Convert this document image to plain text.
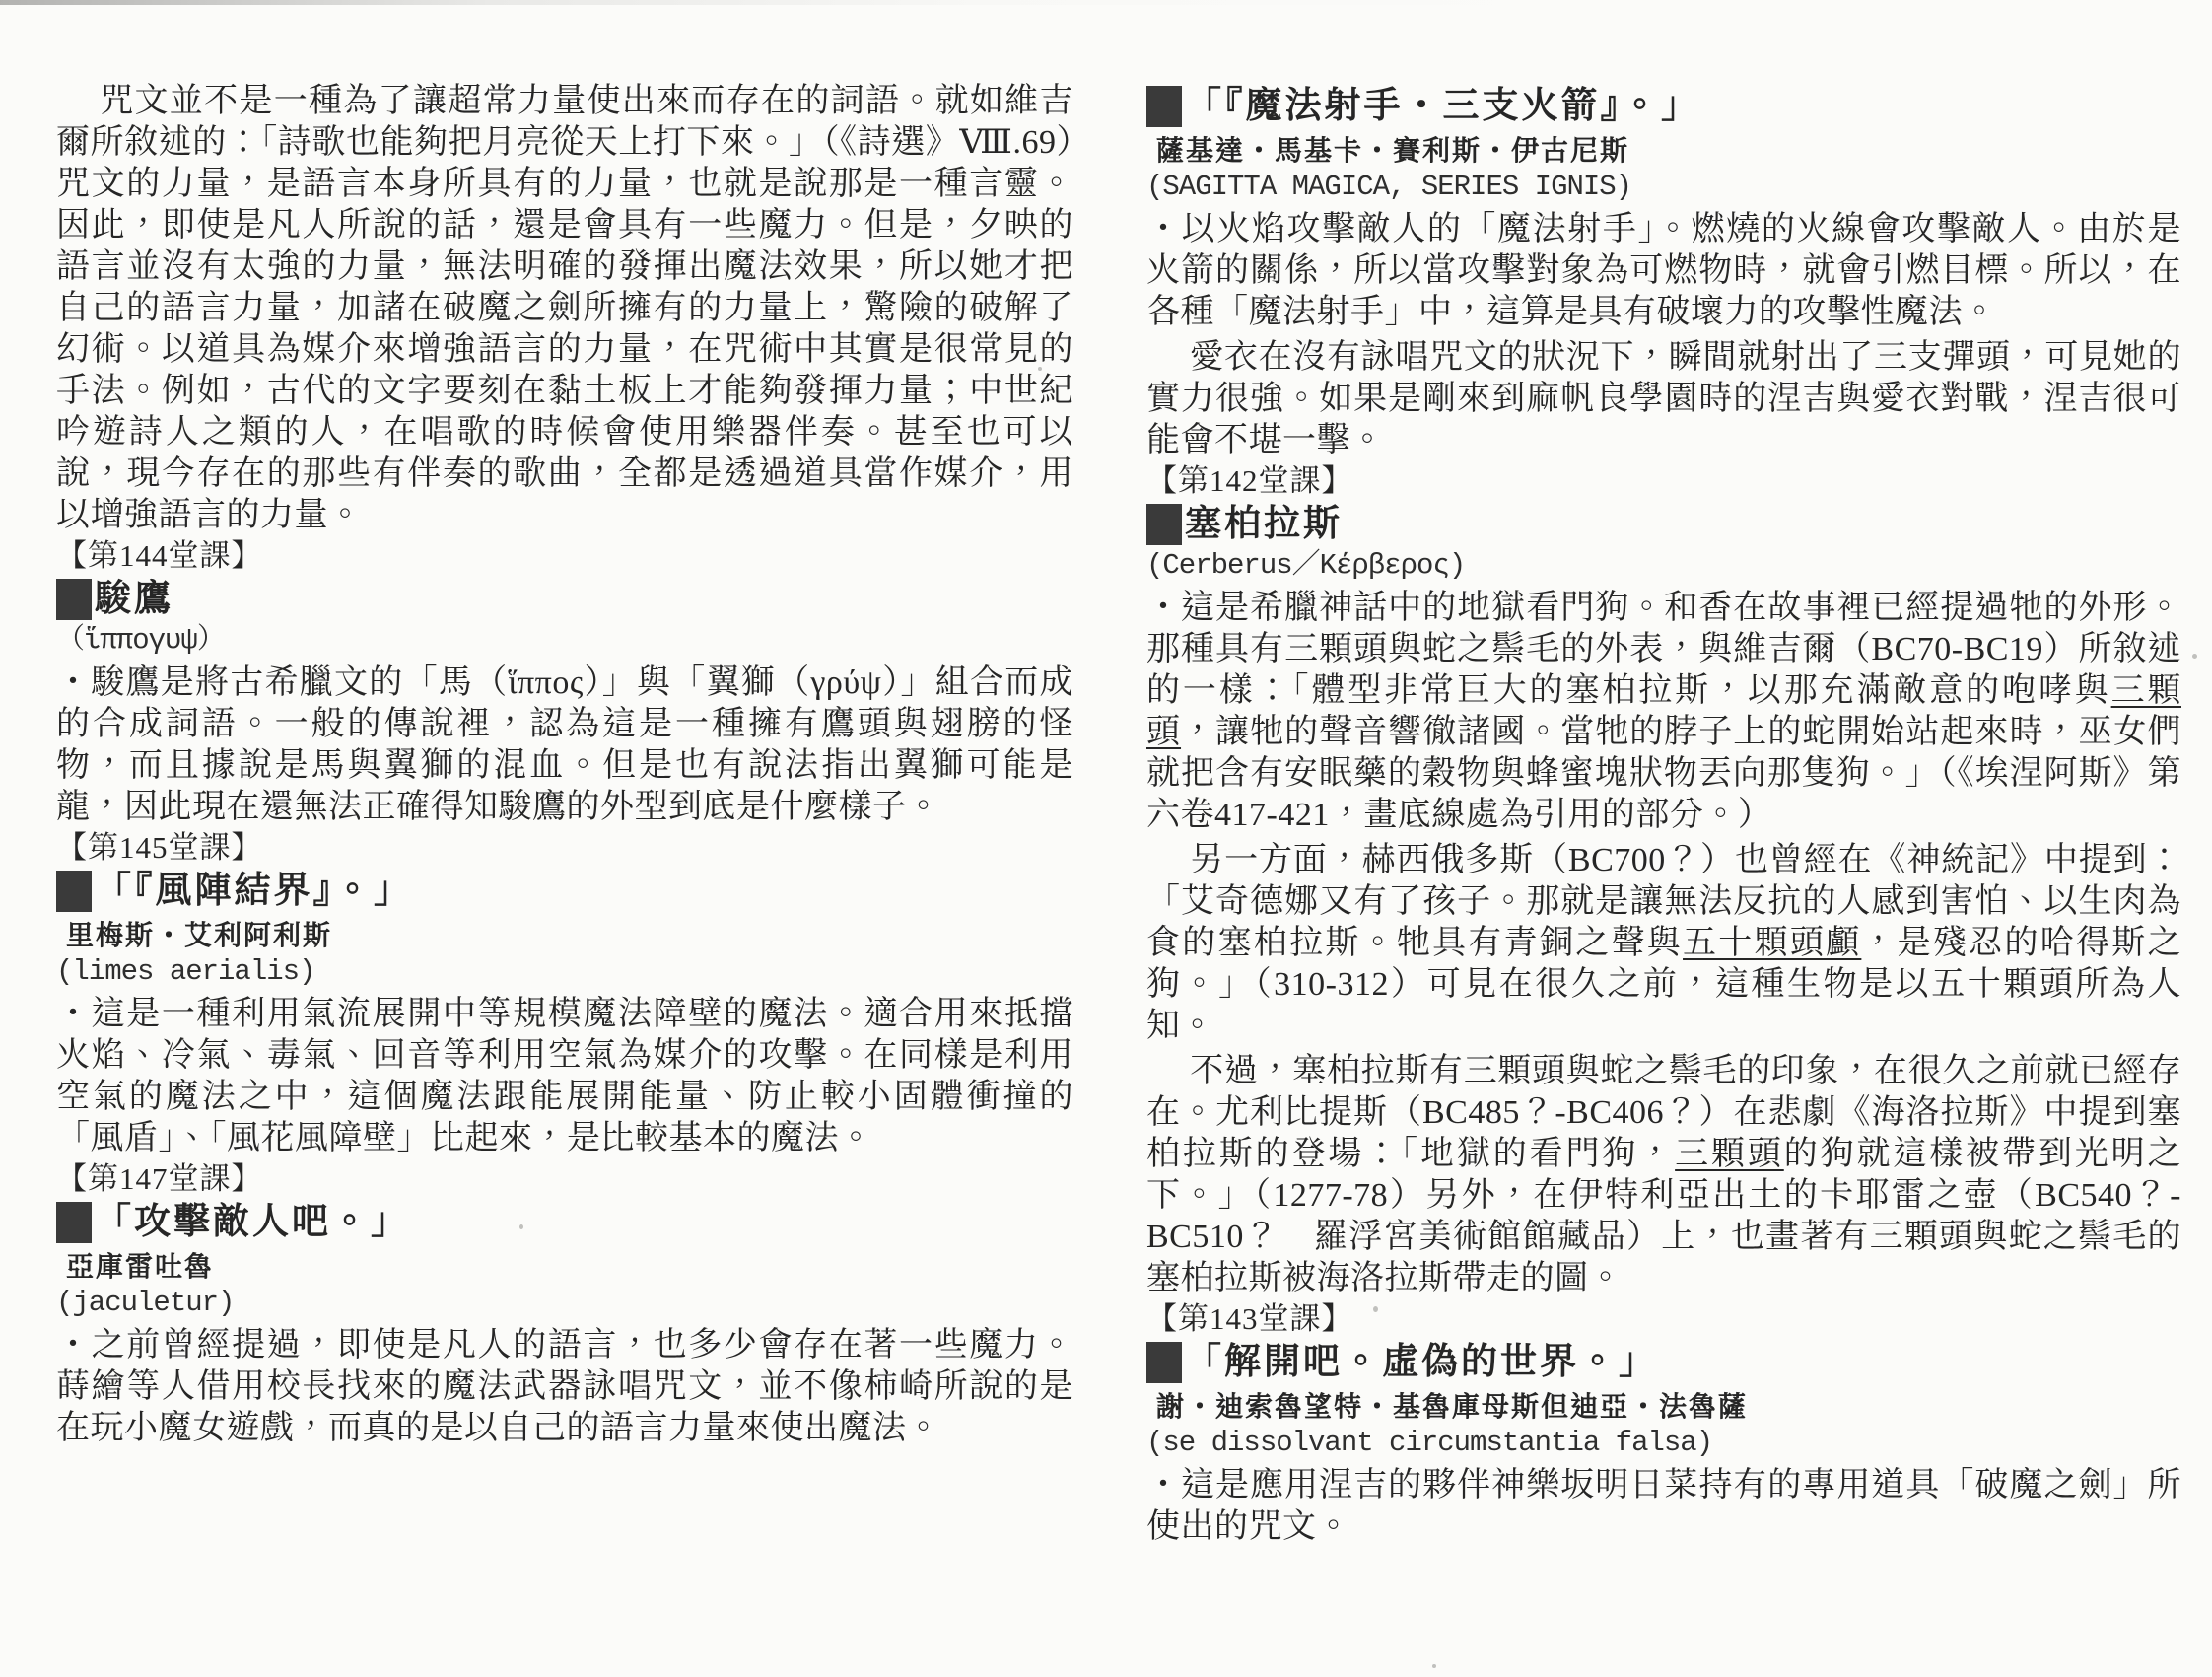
咒文並不是一種為了讓超常力量使出來而存在的詞語。就如維吉爾所敘述的：「詩歌也能夠把月亮從天上打下來。」（《詩選》Ⅷ.69）咒文的力量，是語言本身所具有的力量，也就是說那是一種言靈。因此，即使是凡人所說的話，還是會具有一些魔力。但是，夕映的語言並沒有太強的力量，無法明確的發揮出魔法效果，所以她才把自己的語言力量，加諸在破魔之劍所擁有的力量上，驚險的破解了幻術。以道具為媒介來增強語言的力量，在咒術中其實是很常見的手法。例如，古代的文字要刻在黏土板上才能夠發揮力量；中世紀吟遊詩人之類的人，在唱歌的時候會使用樂器伴奏。甚至也可以說，現今存在的那些有伴奏的歌曲，全都是透過道具當作媒介，用以增強語言的力量。

【第144堂課】
駿鷹
（ἵππογυψ）

・駿鷹是將古希臘文的「馬（ἵππος）」與「翼獅（γρύψ）」組合而成的合成詞語。一般的傳說裡，認為這是一種擁有鷹頭與翅膀的怪物，而且據說是馬與翼獅的混血。但是也有說法指出翼獅可能是龍，因此現在還無法正確得知駿鷹的外型到底是什麼樣子。

【第145堂課】
「『風陣結界』。」
里梅斯・艾利阿利斯
(limes aerialis)

・這是一種利用氣流展開中等規模魔法障壁的魔法。適合用來抵擋火焰、冷氣、毒氣、回音等利用空氣為媒介的攻擊。在同樣是利用空氣的魔法之中，這個魔法跟能展開能量、防止較小固體衝撞的「風盾」、「風花風障壁」比起來，是比較基本的魔法。

【第147堂課】
「攻擊敵人吧。」
亞庫雷吐魯
(jaculetur)

・之前曾經提過，即使是凡人的語言，也多少會存在著一些魔力。蒔繪等人借用校長找來的魔法武器詠唱咒文，並不像柿崎所說的是在玩小魔女遊戲，而真的是以自己的語言力量來使出魔法。

「『魔法射手・三支火箭』。」
薩基達・馬基卡・賽利斯・伊古尼斯
(SAGITTA MAGICA, SERIES IGNIS)

・以火焰攻擊敵人的「魔法射手」。燃燒的火線會攻擊敵人。由於是火箭的關係，所以當攻擊對象為可燃物時，就會引燃目標。所以，在各種「魔法射手」中，這算是具有破壞力的攻擊性魔法。

愛衣在沒有詠唱咒文的狀況下，瞬間就射出了三支彈頭，可見她的實力很強。如果是剛來到麻帆良學園時的涅吉與愛衣對戰，涅吉很可能會不堪一擊。

【第142堂課】
塞柏拉斯
(Cerberus／Κέρβερος)

・這是希臘神話中的地獄看門狗。和香在故事裡已經提過牠的外形。那種具有三顆頭與蛇之鬃毛的外表，與維吉爾（BC70-BC19）所敘述的一樣：「體型非常巨大的塞柏拉斯，以那充滿敵意的咆哮與三顆頭，讓牠的聲音響徹諸國。當牠的脖子上的蛇開始站起來時，巫女們就把含有安眠藥的穀物與蜂蜜塊狀物丟向那隻狗。」（《埃涅阿斯》第六卷417-421，畫底線處為引用的部分。）

另一方面，赫西俄多斯（BC700？）也曾經在《神統記》中提到：「艾奇德娜又有了孩子。那就是讓無法反抗的人感到害怕、以生肉為食的塞柏拉斯。牠具有青銅之聲與五十顆頭顱，是殘忍的哈得斯之狗。」（310-312）可見在很久之前，這種生物是以五十顆頭所為人知。

不過，塞柏拉斯有三顆頭與蛇之鬃毛的印象，在很久之前就已經存在。尤利比提斯（BC485？-BC406？）在悲劇《海洛拉斯》中提到塞柏拉斯的登場：「地獄的看門狗，三顆頭的狗就這樣被帶到光明之下。」（1277-78）另外，在伊特利亞出土的卡耶雷之壺（BC540？-BC510？　羅浮宮美術館館藏品）上，也畫著有三顆頭與蛇之鬃毛的塞柏拉斯被海洛拉斯帶走的圖。

【第143堂課】
「解開吧。虛偽的世界。」
謝・迪索魯望特・基魯庫母斯但迪亞・法魯薩
(se dissolvant circumstantia falsa)

・這是應用涅吉的夥伴神樂坂明日菜持有的專用道具「破魔之劍」所使出的咒文。
